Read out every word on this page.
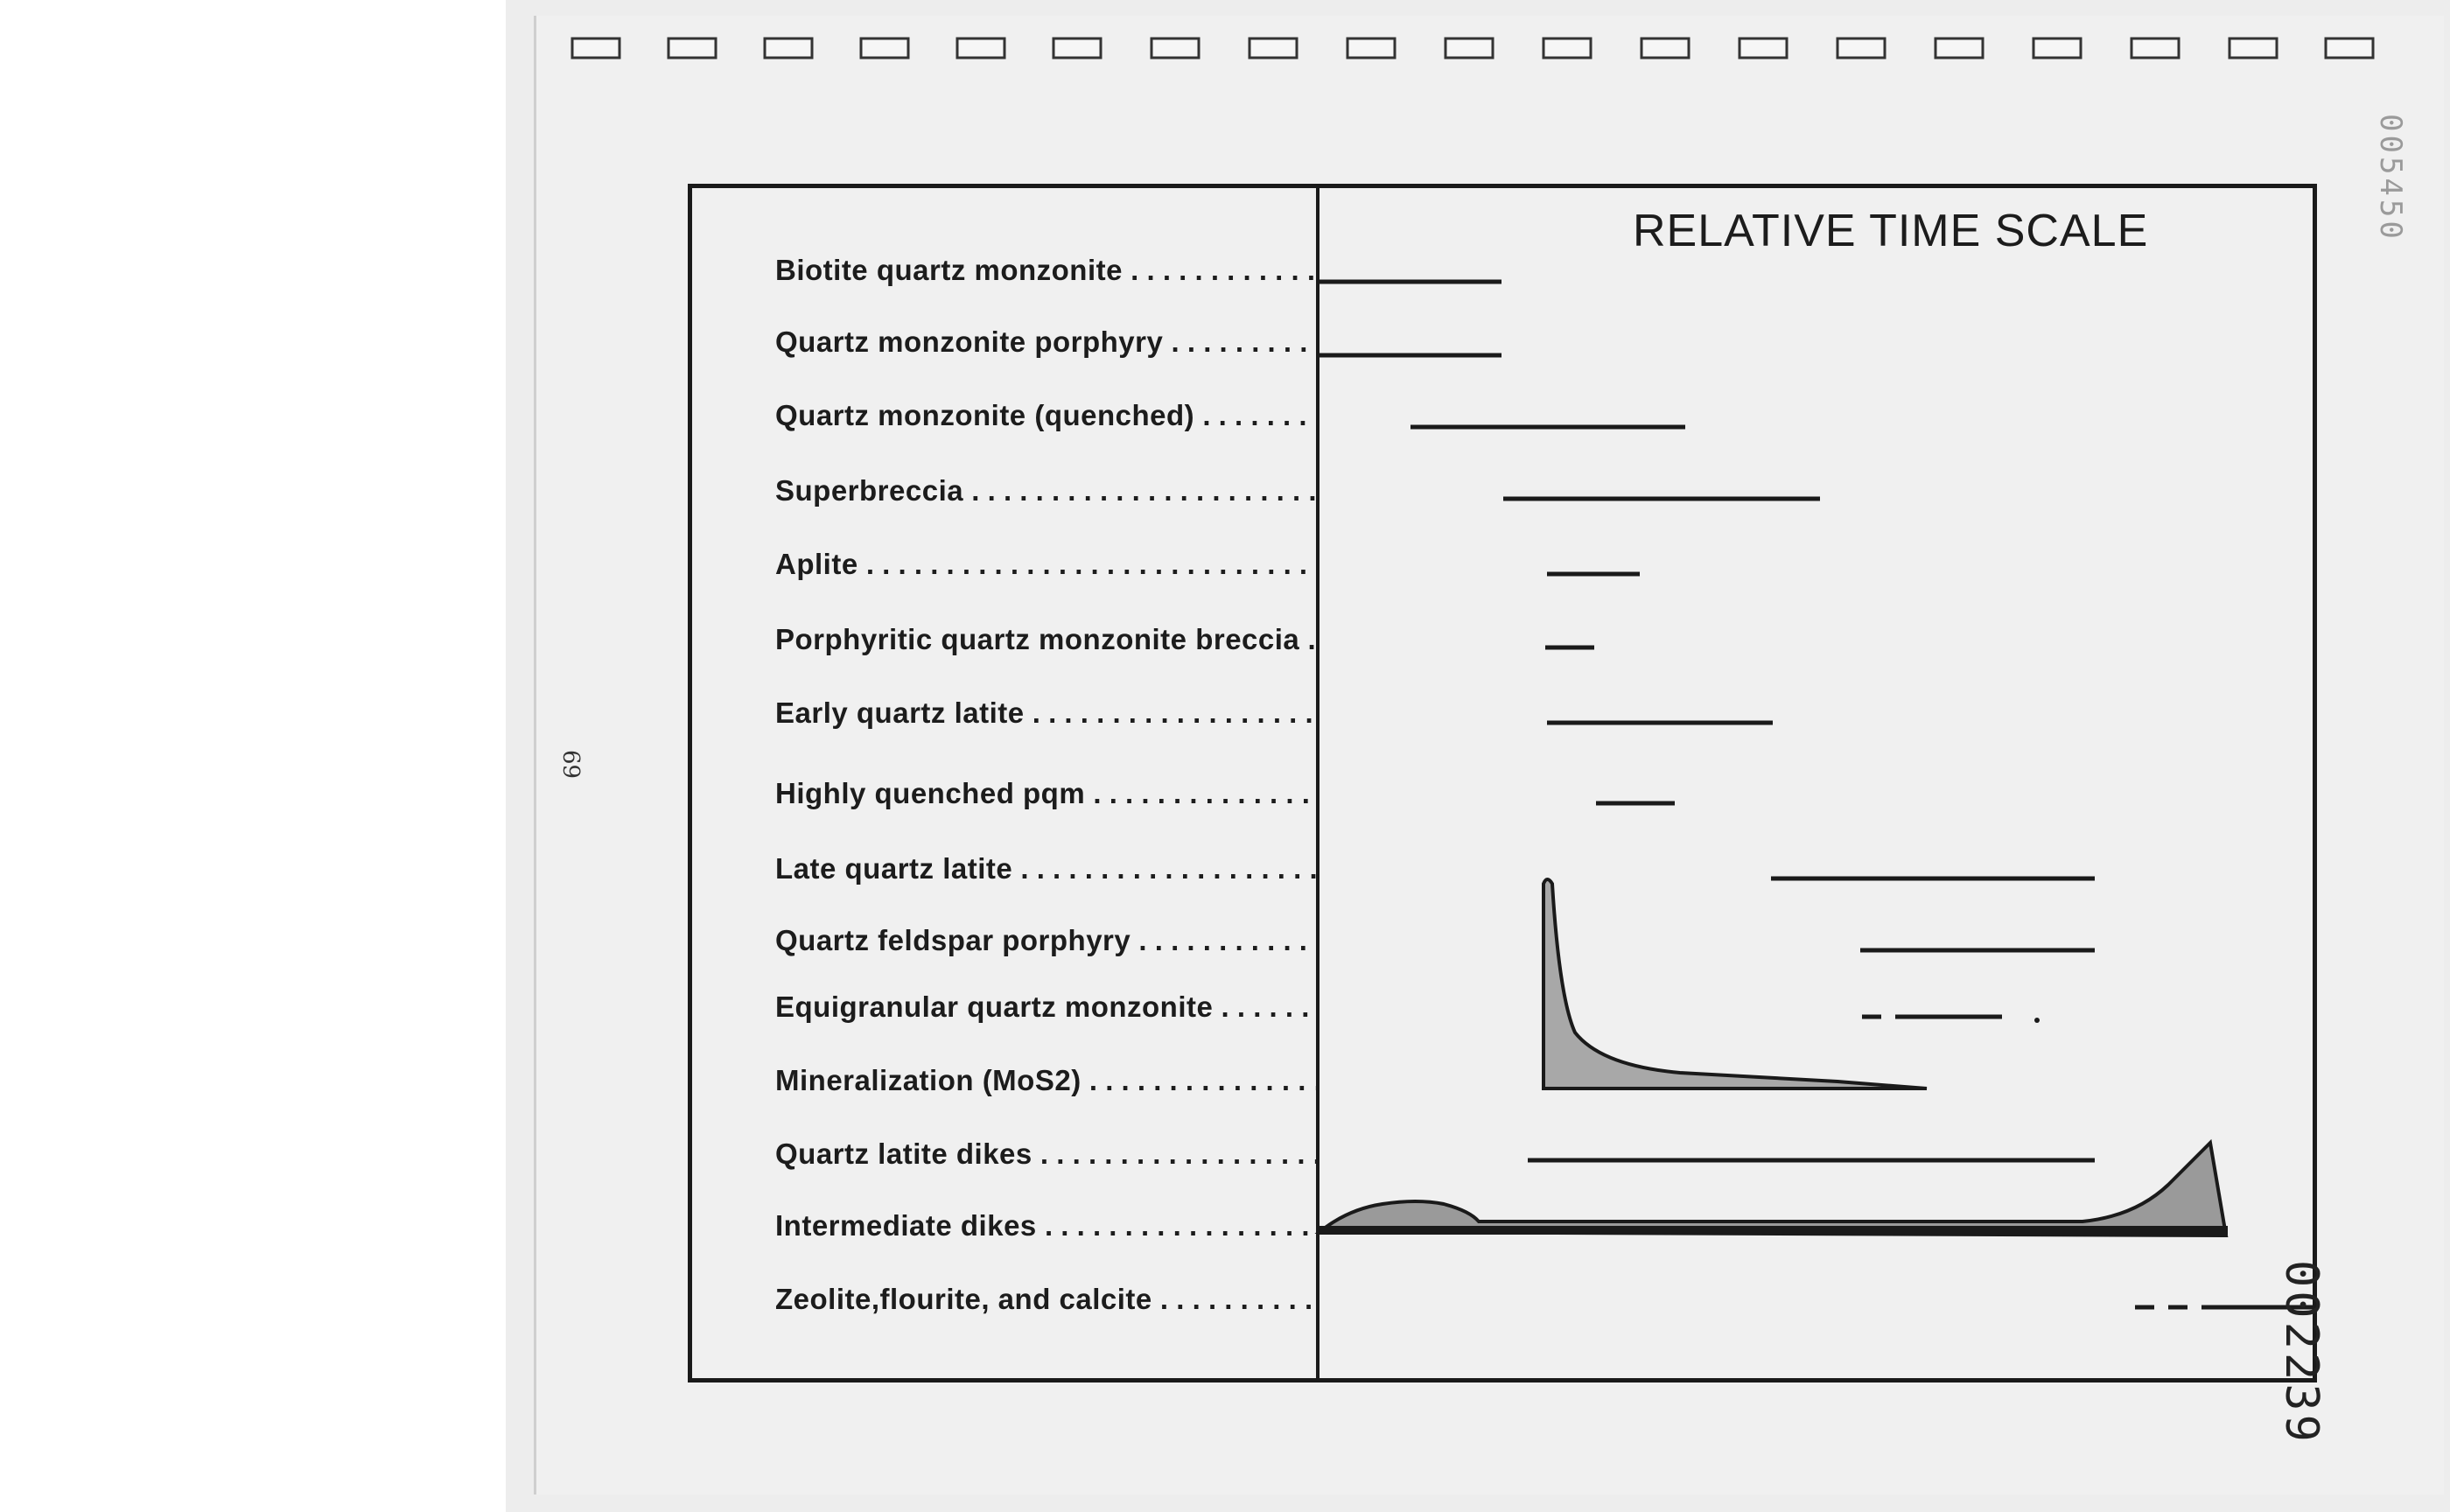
RELATIVE TIME SCALE
Biotite quartz monzonite . . .
Quartz monzonite porphyry . . .
Quartz monzonite (quenched) . . .
Superbreccia . . .
Aplite . . .
Porphyritic quartz monzonite breccia . . .
Early quartz latite . . .
Highly quenched pqm . . .
Late quartz latite . . .
Quartz feldspar porphyry . . .
Equigranular quartz monzonite . . .
Mineralization (MoS2) . . .
Quartz latite dikes . . .
Intermediate dikes . . .
Zeolite,flourite, and calcite . . .	002239
005450
69
